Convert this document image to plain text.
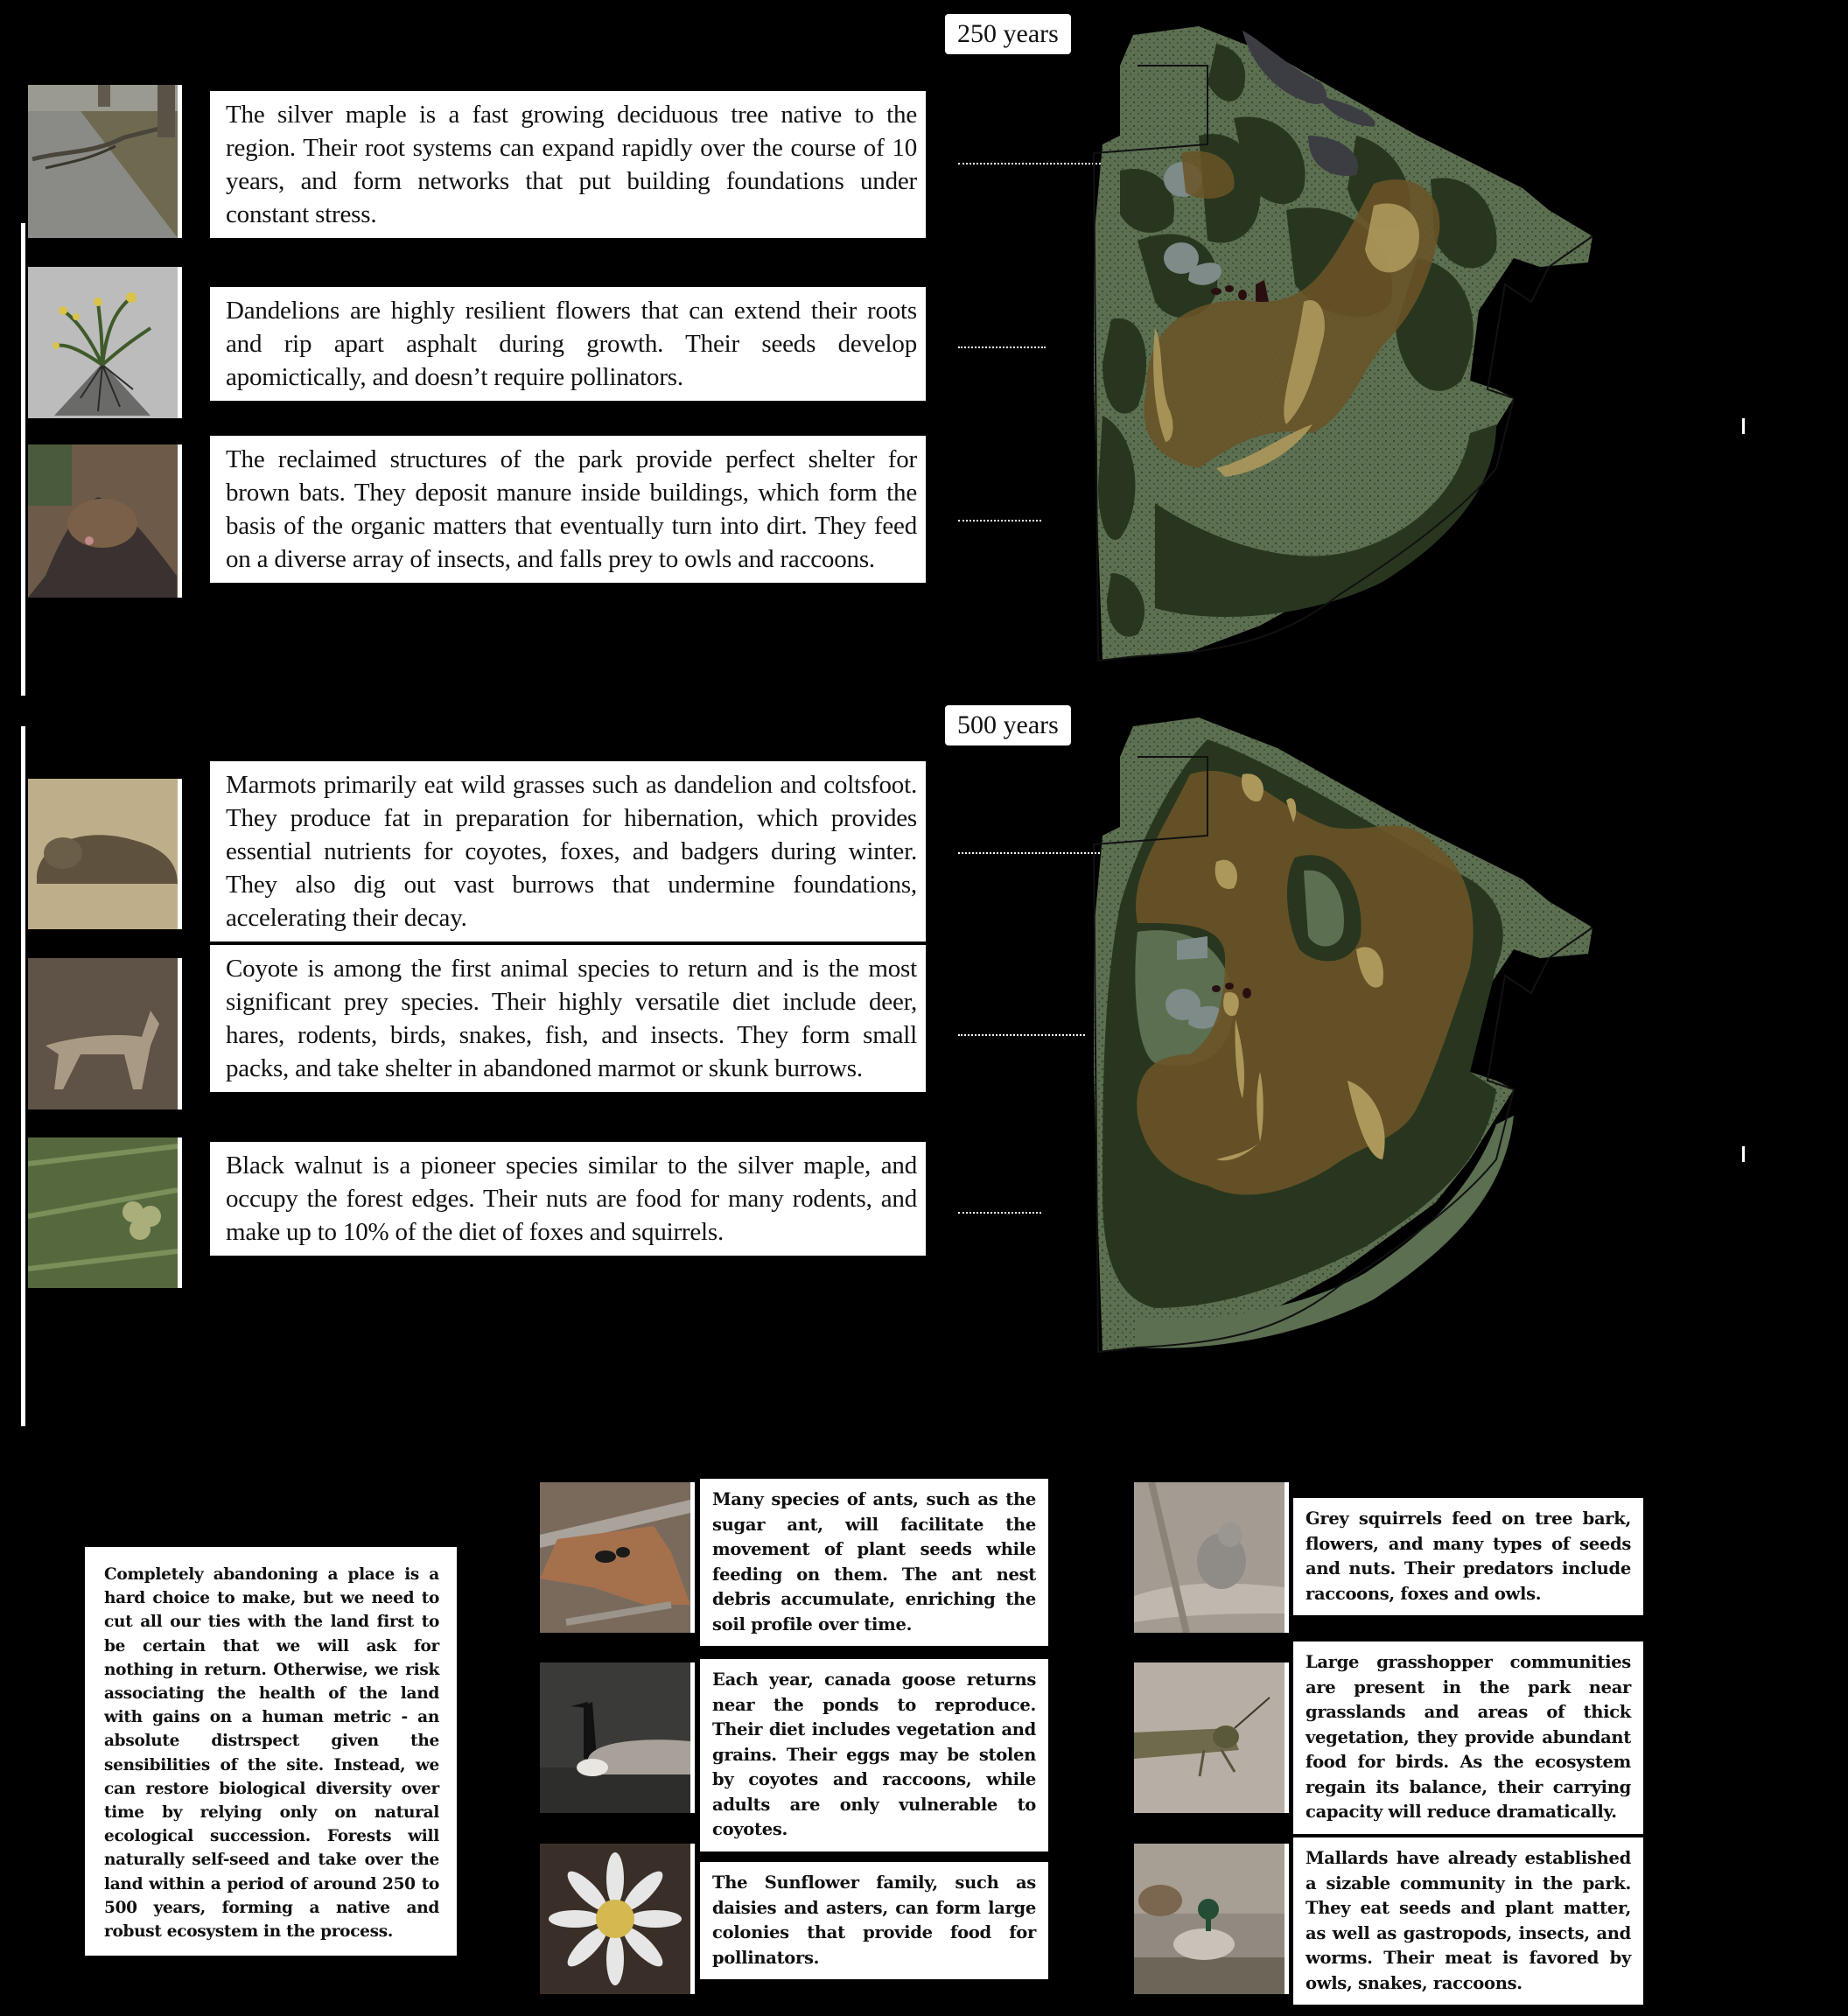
250 years
The silver maple is a fast growing deciduous tree native to the region. Their root systems can expand rapidly over the course of 10 years, and form networks that put building foundations under constant stress.
Dandelions are highly resilient flowers that can extend their roots and rip apart asphalt during growth. Their seeds develop apomictically, and doesn’t require pollinators.
The reclaimed structures of the park provide perfect shelter for brown bats. They deposit manure inside buildings, which form the basis of the organic matters that eventually turn into dirt. They feed on a diverse array of insects, and falls prey to owls and raccoons.
500 years
Marmots primarily eat wild grasses such as dandelion and coltsfoot. They produce fat in preparation for hibernation, which provides essential nutrients for coyotes, foxes, and badgers during winter. They also dig out vast burrows that undermine foundations, accelerating their decay.
Coyote is among the first animal species to return and is the most significant prey species. Their highly versatile diet include deer, hares, rodents, birds, snakes, fish, and insects. They form small packs, and take shelter in abandoned marmot or skunk burrows.
Black walnut is a pioneer species similar to the silver maple, and occupy the forest edges. Their nuts are food for many rodents, and make up to 10% of the diet of foxes and squirrels.
Completely abandoning a place is a hard choice to make, but we need to cut all our ties with the land first to be certain that we will ask for nothing in return. Otherwise, we risk associating the health of the land with gains on a human metric - an absolute distrspect given the sensibilities of the site. Instead, we can restore biological diversity over time by relying only on natural ecological succession. Forests will naturally self-seed and take over the land within a period of around 250 to 500 years, forming a native and robust ecosystem in the process.
Many species of ants, such as the sugar ant, will facilitate the movement of plant seeds while feeding on them. The ant nest debris accumulate, enriching the soil profile over time.
Each year, canada goose returns near the ponds to reproduce. Their diet includes vegetation and grains. Their eggs may be stolen by coyotes and raccoons, while adults are only vulnerable to coyotes.
The Sunflower family, such as daisies and asters, can form large colonies that provide food for pollinators.
Grey squirrels feed on tree bark, flowers, and many types of seeds and nuts. Their predators include raccoons, foxes and owls.
Large grasshopper communities are present in the park near grasslands and areas of thick vegetation, they provide abundant food for birds. As the ecosystem regain its balance, their carrying capacity will reduce dramatically.
Mallards have already established a sizable community in the park. They eat seeds and plant matter, as well as gastropods, insects, and worms. Their meat is favored by owls, snakes, raccoons.
